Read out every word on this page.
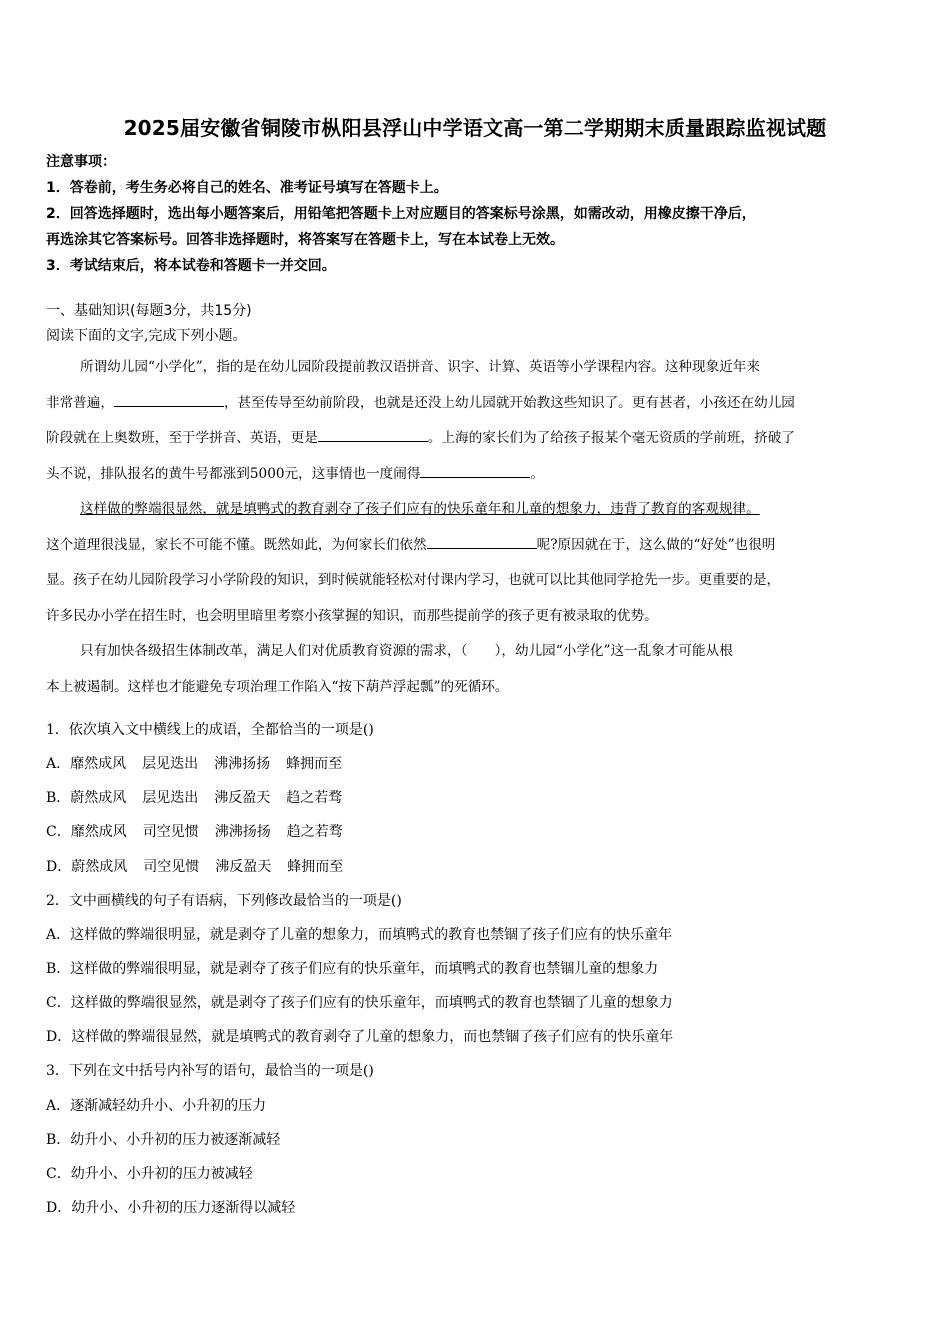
2025届安徽省铜陵市枞阳县浮山中学语文高一第二学期期末质量跟踪监视试题
注意事项：
1．答卷前，考生务必将自己的姓名、准考证号填写在答题卡上。
2．回答选择题时，选出每小题答案后，用铅笔把答题卡上对应题目的答案标号涂黑，如需改动，用橡皮擦干净后，
再选涂其它答案标号。回答非选择题时，将答案写在答题卡上，写在本试卷上无效。
3．考试结束后，将本试卷和答题卡一并交回。
一、基础知识(每题3分，共15分)
阅读下面的文字,完成下列小题。
所谓幼儿园“小学化”，指的是在幼儿园阶段提前教汉语拼音、识字、计算、英语等小学课程内容。这种现象近年来
非常普遍，	，甚至传导至幼前阶段，也就是还没上幼儿园就开始教这些知识了。更有甚者，小孩还在幼儿园
阶段就在上奥数班，至于学拼音、英语，更是	。上海的家长们为了给孩子报某个毫无资质的学前班，挤破了
头不说，排队报名的黄牛号都涨到5000元，这事情也一度闹得	。
这样做的弊端很显然，就是填鸭式的教育剥夺了孩子们应有的快乐童年和儿童的想象力，违背了教育的客观规律。
这个道理很浅显，家长不可能不懂。既然如此，为何家长们依然	呢?原因就在于，这么做的“好处”也很明
显。孩子在幼儿园阶段学习小学阶段的知识，到时候就能轻松对付课内学习，也就可以比其他同学抢先一步。更重要的是，
许多民办小学在招生时，也会明里暗里考察小孩掌握的知识，而那些提前学的孩子更有被录取的优势。
只有加快各级招生体制改革，满足人们对优质教育资源的需求，（　　），幼儿园“小学化”这一乱象才可能从根
本上被遏制。这样也才能避免专项治理工作陷入“按下葫芦浮起瓢”的死循环。
1．依次填入文中横线上的成语，全都恰当的一项是()
A．靡然成风 层见迭出 沸沸扬扬 蜂拥而至
B．蔚然成风 层见迭出 沸反盈天 趋之若骛
C．靡然成风 司空见惯 沸沸扬扬 趋之若骛
D．蔚然成风 司空见惯 沸反盈天 蜂拥而至
2．文中画横线的句子有语病，下列修改最恰当的一项是()
A．这样做的弊端很明显，就是剥夺了儿童的想象力，而填鸭式的教育也禁锢了孩子们应有的快乐童年
B．这样做的弊端很明显，就是剥夺了孩子们应有的快乐童年，而填鸭式的教育也禁锢儿童的想象力
C．这样做的弊端很显然，就是剥夺了孩子们应有的快乐童年，而填鸭式的教育也禁锢了儿童的想象力
D．这样做的弊端很显然，就是填鸭式的教育剥夺了儿童的想象力，而也禁锢了孩子们应有的快乐童年
3．下列在文中括号内补写的语句，最恰当的一项是()
A．逐渐减轻幼升小、小升初的压力
B．幼升小、小升初的压力被逐渐减轻
C．幼升小、小升初的压力被减轻
D．幼升小、小升初的压力逐渐得以减轻
